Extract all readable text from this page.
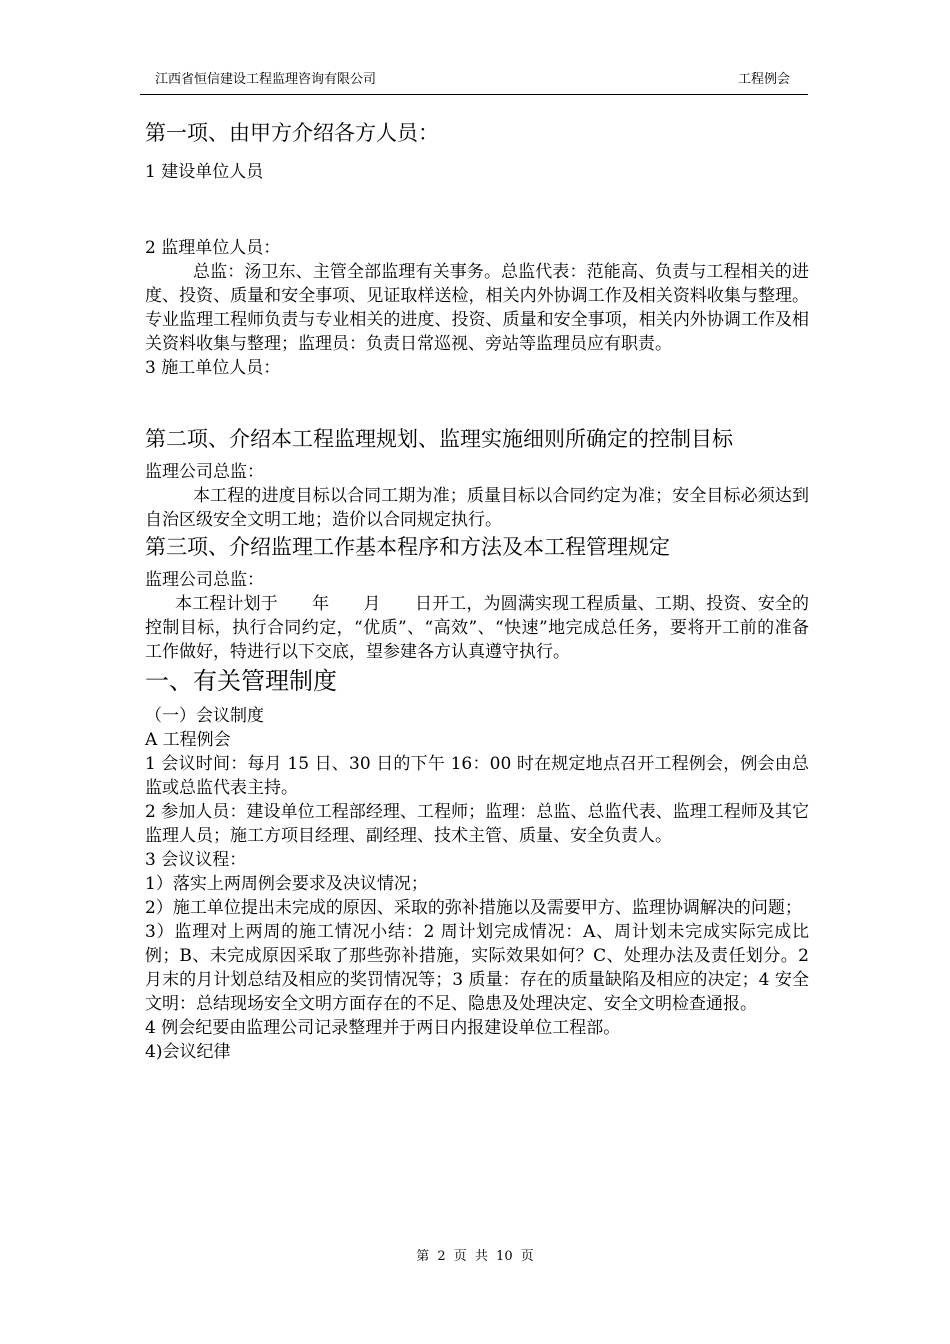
江西省恒信建设工程监理咨询有限公司	工程例会
第一项、由甲方介绍各方人员：

1 建设单位人员

2 监理单位人员：

总监：汤卫东、主管全部监理有关事务。总监代表：范能高、负责与工程相关的进度、投资、质量和安全事项、见证取样送检，相关内外协调工作及相关资料收集与整理。专业监理工程师负责与专业相关的进度、投资、质量和安全事项，相关内外协调工作及相关资料收集与整理；监理员：负责日常巡视、旁站等监理员应有职责。

3 施工单位人员：

第二项、介绍本工程监理规划、监理实施细则所确定的控制目标

监理公司总监：

本工程的进度目标以合同工期为准；质量目标以合同约定为准；安全目标必须达到自治区级安全文明工地；造价以合同规定执行。

第三项、介绍监理工作基本程序和方法及本工程管理规定

监理公司总监：

本工程计划于　　年　　月　　日开工，为圆满实现工程质量、工期、投资、安全的控制目标，执行合同约定，“优质”、“高效”、“快速”地完成总任务，要将开工前的准备工作做好，特进行以下交底，望参建各方认真遵守执行。

一、有关管理制度

（一）会议制度

A 工程例会

1 会议时间：每月 15 日、30 日的下午 16：00 时在规定地点召开工程例会，例会由总监或总监代表主持。

2 参加人员：建设单位工程部经理、工程师；监理：总监、总监代表、监理工程师及其它监理人员；施工方项目经理、副经理、技术主管、质量、安全负责人。

3 会议议程：

1）落实上两周例会要求及决议情况；

2）施工单位提出未完成的原因、采取的弥补措施以及需要甲方、监理协调解决的问题；

3）监理对上两周的施工情况小结：2 周计划完成情况：A、周计划未完成实际完成比例；B、未完成原因采取了那些弥补措施，实际效果如何？C、处理办法及责任划分。2 月末的月计划总结及相应的奖罚情况等；3 质量：存在的质量缺陷及相应的决定；4 安全文明：总结现场安全文明方面存在的不足、隐患及处理决定、安全文明检查通报。

4 例会纪要由监理公司记录整理并于两日内报建设单位工程部。

4)会议纪律

第 2 页 共 10 页
